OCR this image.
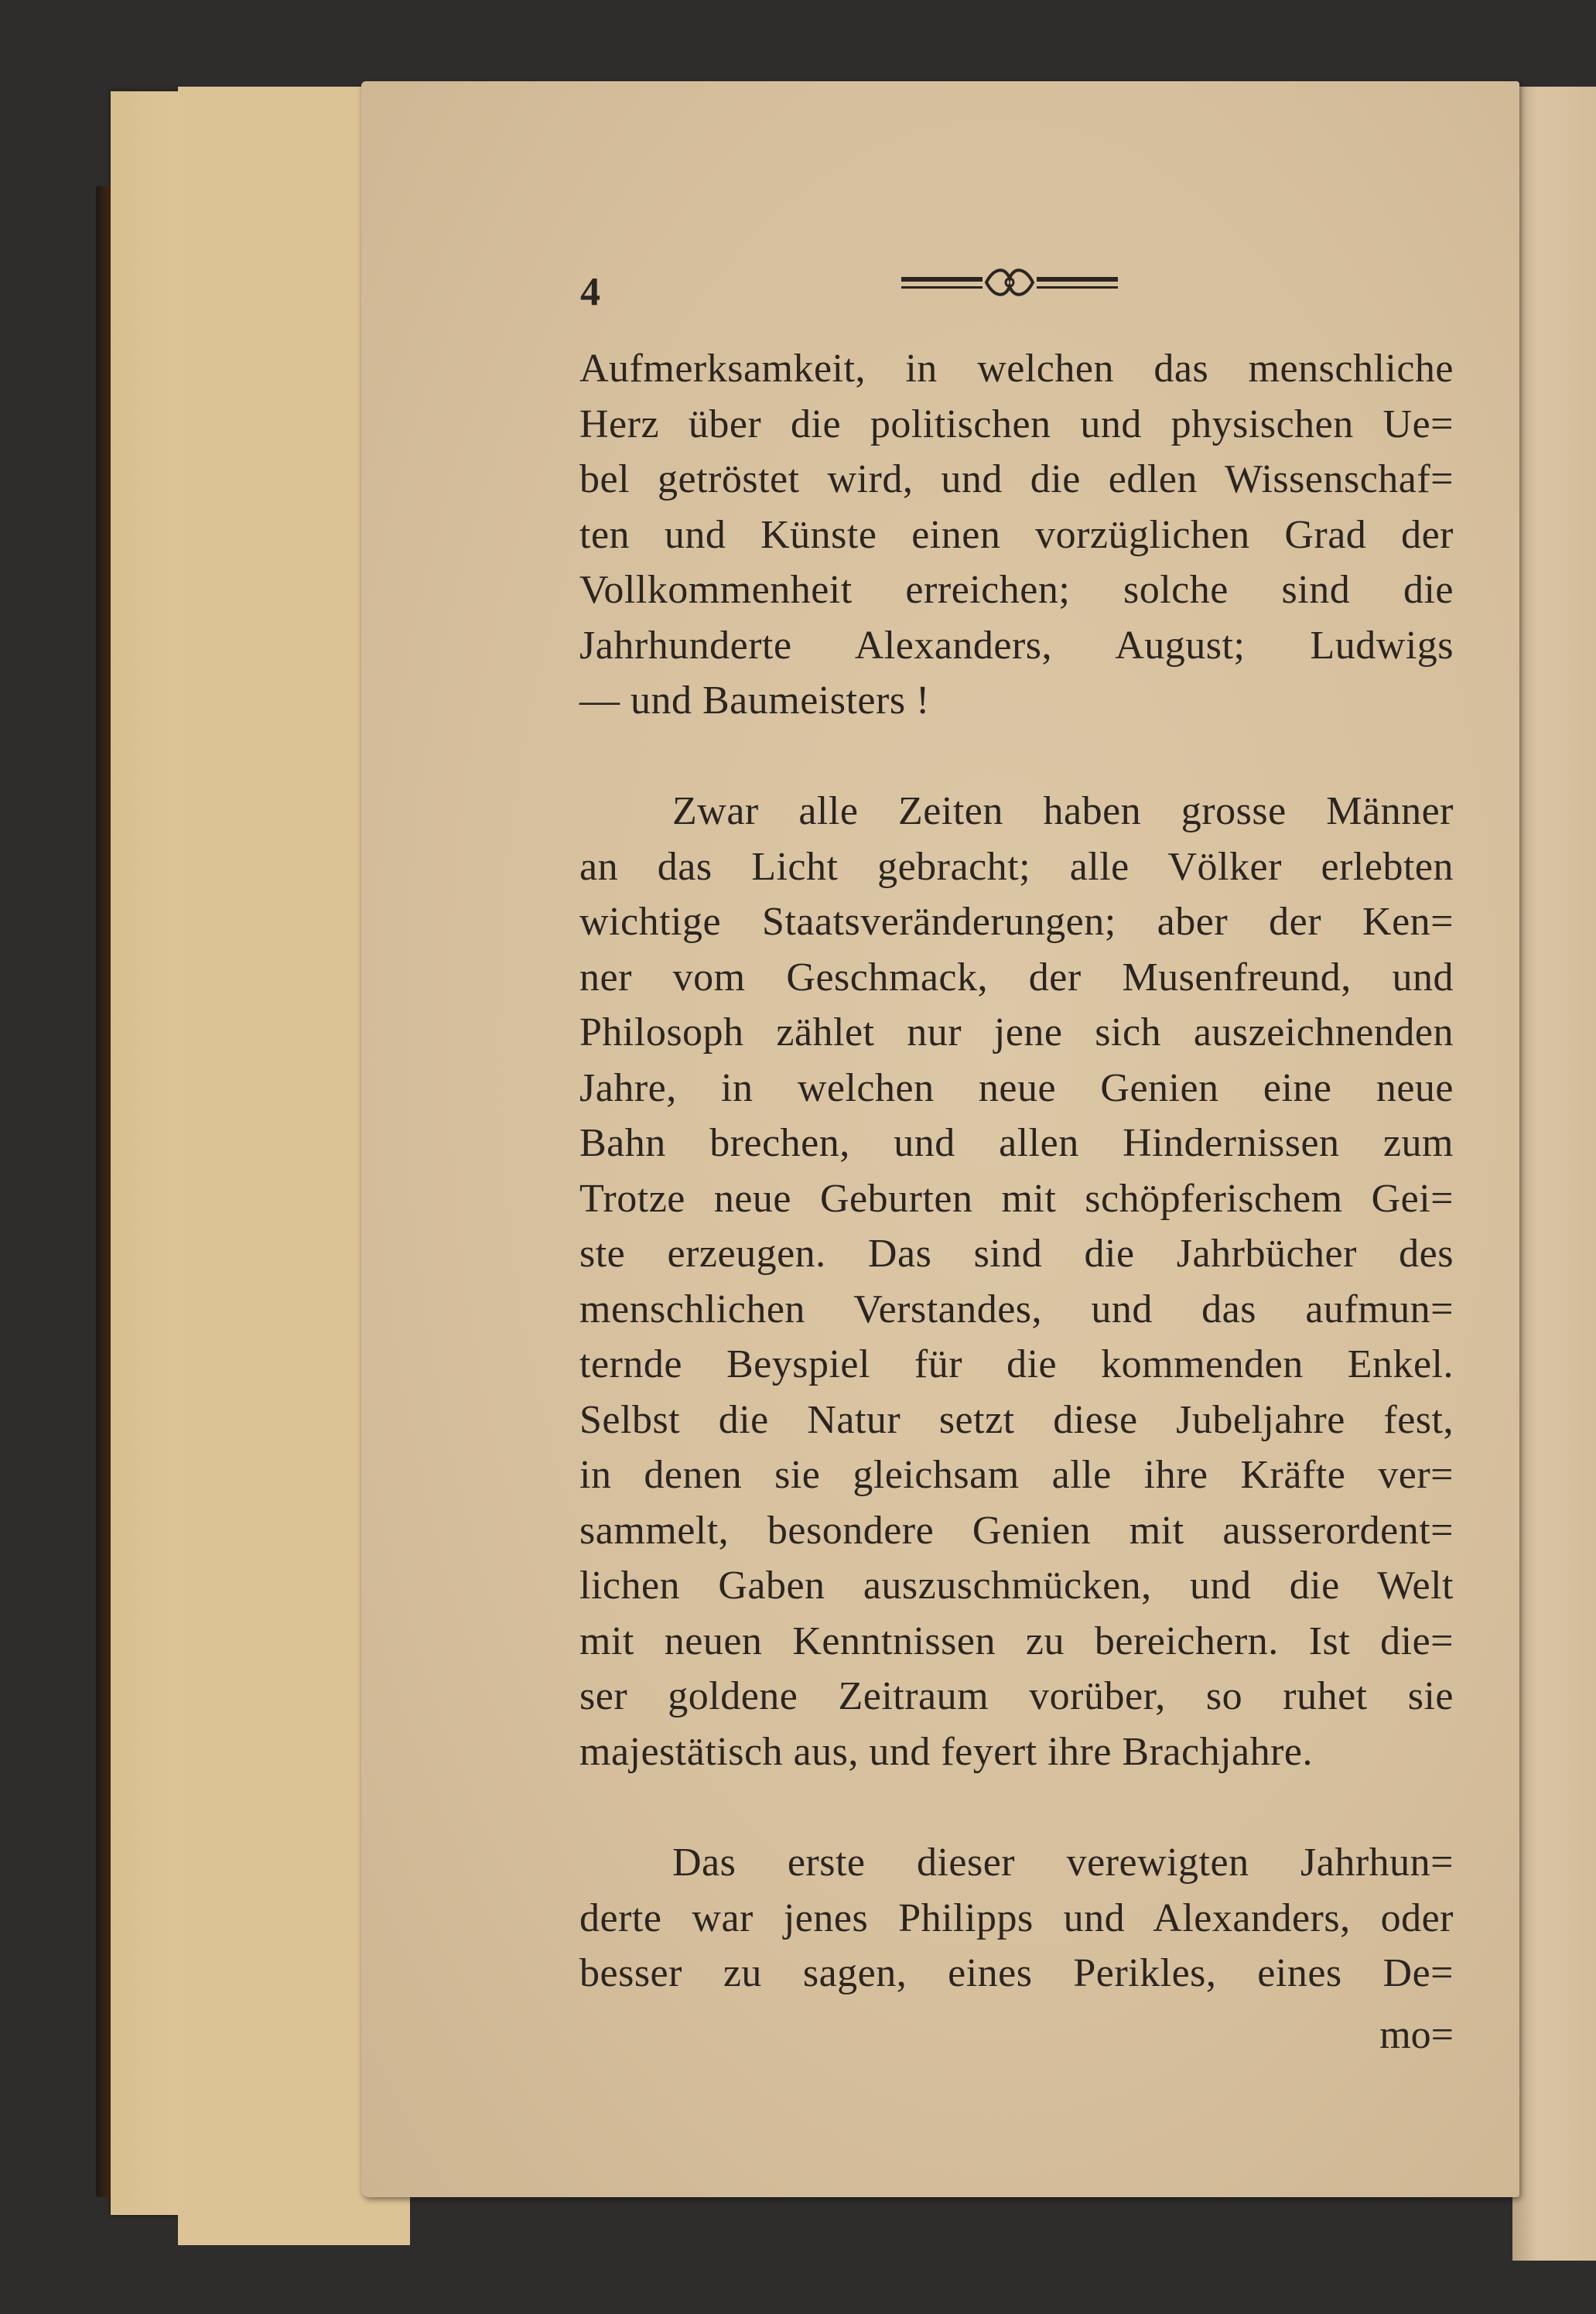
4
Aufmerksamkeit, in welchen das menschliche
Herz über die politischen und physischen Ue=
bel getröstet wird, und die edlen Wissenschaf=
ten und Künste einen vorzüglichen Grad der
Vollkommenheit erreichen; solche sind die
Jahrhunderte Alexanders, August; Ludwigs
— und Baumeisters !
Zwar alle Zeiten haben grosse Männer
an das Licht gebracht; alle Völker erlebten
wichtige Staatsveränderungen; aber der Ken=
ner vom Geschmack, der Musenfreund, und
Philosoph zählet nur jene sich auszeichnenden
Jahre, in welchen neue Genien eine neue
Bahn brechen, und allen Hindernissen zum
Trotze neue Geburten mit schöpferischem Gei=
ste erzeugen. Das sind die Jahrbücher des
menschlichen Verstandes, und das aufmun=
ternde Beyspiel für die kommenden Enkel.
Selbst die Natur setzt diese Jubeljahre fest,
in denen sie gleichsam alle ihre Kräfte ver=
sammelt, besondere Genien mit ausserordent=
lichen Gaben auszuschmücken, und die Welt
mit neuen Kenntnissen zu bereichern. Ist die=
ser goldene Zeitraum vorüber, so ruhet sie
majestätisch aus, und feyert ihre Brachjahre.
Das erste dieser verewigten Jahrhun=
derte war jenes Philipps und Alexanders, oder
besser zu sagen, eines Perikles, eines De=
mo=
